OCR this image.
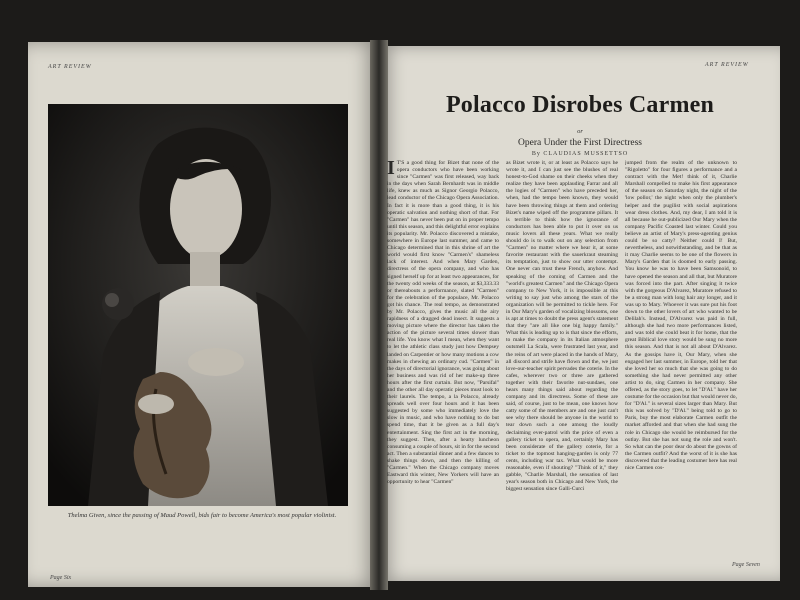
ART REVIEW
Thelma Given, since the passing of Maud Powell, bids fair to become America's most popular violinist.
Page Six
ART REVIEW
Polacco Disrobes Carmen
or
Opera Under the First Directress
By CLAUDIAS MUSSETTSO
I T'S a good thing for Bizet that none of the opera conductors who have been working since "Carmen" was first released, way back in the days when Sarah Bernhardt was in middle life, knew as much as Signor Georgio Polacco, lead conductor of the Chicago Opera Association. In fact it is more than a good thing, it is his operatic salvation and nothing short of that. For "Carmen" has never been put on in proper tempo until this season, and this delightful error explains its popularity. Mr. Polacco discovered a mistake, somewhere in Europe last summer, and came to Chicago determined that in this shrine of art the world would first know "Carmen's" shameless lack of interest. And when Mary Garden, directress of the opera company, and who has signed herself up for at least two appearances, for the twenty odd weeks of the season, at $3,333.33 or thereabouts a performance, slated "Carmen" for the celebration of the populace, Mr. Polacco got his chance. The real tempo, as demonstrated by Mr. Polacco, gives the music all the airy rapidness of a dragged dead insect. It suggests a moving picture where the director has taken the action of the picture several times slower than real life. You know what I mean, when they want to let the athletic class study just how Dempsey landed on Carpentier or how many motions a cow makes in chewing an ordinary cud. "Carmen" in the days of directorial ignorance, was going about her business and was rid of her make-up three hours after the first curtain. But now, "Parsifal" and the other all day operatic pieces must look to their laurels. The tempo, a la Polacco, already spreads well over four hours and it has been suggested by some who immediately love the slow in music, and who have nothing to do but spend time, that it be given as a full day's entertainment. Sing the first act in the morning, they suggest. Then, after a hearty luncheon consuming a couple of hours, sit in for the second act. Then a substantial dinner and a few dances to shake things down, and then the killing of "Carmen." When the Chicago company moves Eastward this winter, New Yorkers will have an opportunity to hear "Carmen"
as Bizet wrote it, or at least as Polacco says he wrote it, and I can just see the blushes of real honest-to-God shame on their cheeks when they realize they have been applauding Farrar and all the logies of "Carmen" who have preceded her, when, had the tempo been known, they would have been throwing things at them and ordering Bizet's name wiped off the programme pillars. It is terrible to think how the ignorance of conductors has been able to put it over on us music lovers all these years. What we really should do is to walk out on any selection from "Carmen" no matter where we hear it, at some favorite restaurant with the sauerkraut steaming its temptation, just to show our utter contempt. One never can trust these French, anyhow. And speaking of the coming of Carmen and the "world's greatest Carmen" and the Chicago Opera company to New York, it is impossible at this writing to say just who among the stars of the organization will be permitted to tickle here. For in Our Mary's garden of vocalizing blossoms, one is apt at times to doubt the press agent's statement that they "are all like one big happy family." What this is leading up to is that since the efforts, to make the company in its Italian atmosphere outsmell La Scala, were frustrated last year, and the reins of art were placed in the hands of Mary, all discord and strife have flown and the, we just love-our-teacher spirit pervades the coterie. In the cafes, wherever two or three are gathered together with their favorite nut-sundaes, one hears many things said about regarding the company and its directress. Some of these are said, of course, just to be mean, one knows how catty some of the members are and one just can't see why there should be anyone in the world to tear down such a one among the loudly declaiming ever-patrol with the price of even a gallery ticket to opera, and, certainly Mary has been considerate of the gallery coterie, for a ticket to the topmost hanging-garden is only 77 cents, including war tax. What would be more reasonable, even if shouting? "Think of it," they gabble, "Charlie Marshall, the sensation of last year's season both in Chicago and New York, the biggest sensation since Galli-Curci
jumped from the realm of the unknown to "Rigoletto" for four figures a performance and a contract with the Met! think of it, Charlie Marshall compelled to make his first appearance of the season on Saturday night, the night of the 'low pollor,' the night when only the plumber's helper and the pugilist with social aspirations wear dress clothes. And, my dear, I am told it is all because he out-publicized Our Mary when the company Pacific Coasted last winter. Could you believe an artist of Mary's press-agenting genius could be so catty? Neither could I! But, nevertheless, and notwithstanding, and be that as it may Charlie seems to be one of the flowers in Mary's Garden that is doomed to early passing. You know he was to have been Samsonoid, to have opened the season and all that, but Muratore was forced into the part. After singing it twice with the gorgeous D'Alvarez, Muratore refused to be a strong man with long hair any longer, and it was up to Mary. Whoever it was sure put his foot down to the other lovers of art who wanted to be Delilah's. Instead, D'Alvarez was paid in full, although she had two more performances listed, and was told she could beat it for home, that the great Biblical love story would be sung no more this season. And that is not all about D'Alvarez. As the gossips have it, Our Mary, when she engaged her last summer, in Europe, told her that she loved her so much that she was going to do something she had never permitted any other artist to do, sing Carmen in her company. She offered, as the story goes, to let "D'Al." have her costume for the occasion but that would never do, for "D'Al." is several sizes larger than Mary. But this was solved by "D'Al." being told to go to Paris, buy the most elaborate Carmen outfit the market afforded and that when she had sung the role in Chicago she would be reimbursed for the outlay. But she has not sung the role and won't. So what can the poor dear do about the gowns of the Carmen outfit? And the worst of it is she has discovered that the leading costumer here has real nice Carmen cos-
Page Seven
